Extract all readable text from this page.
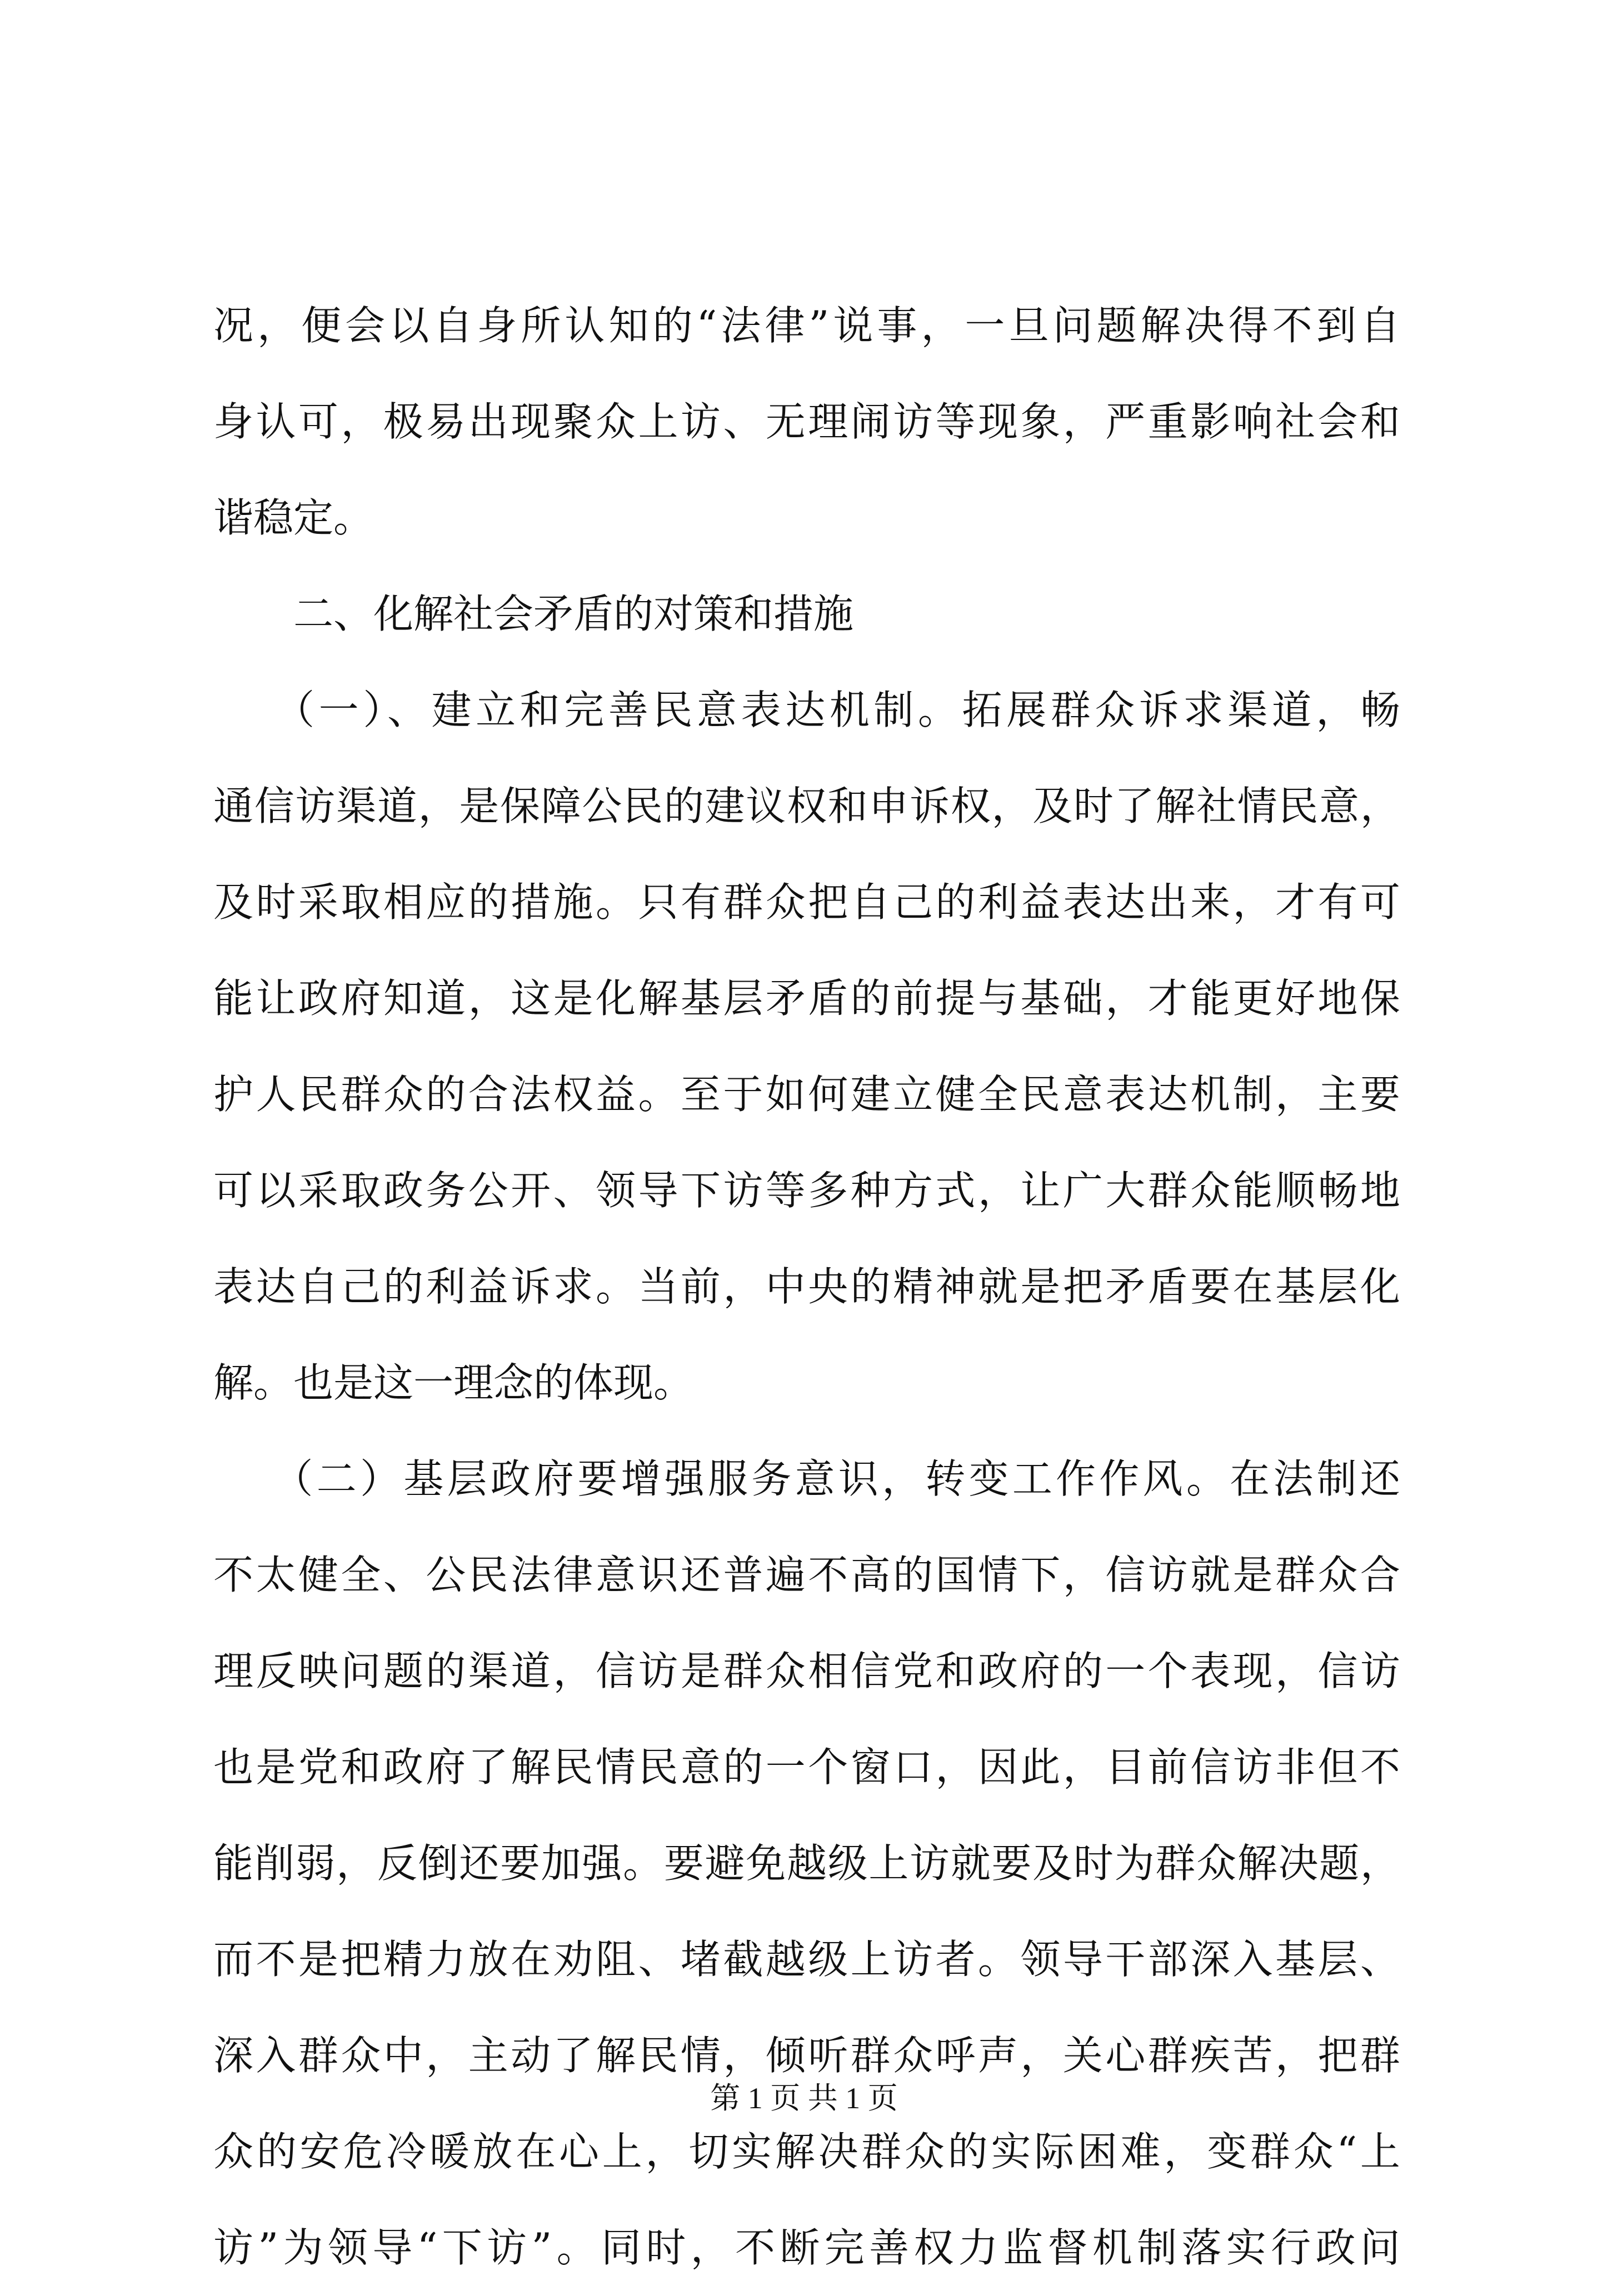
况，便会以自身所认知的“法律”说事，一旦问题解决得不到自
身认可，极易出现聚众上访、无理闹访等现象，严重影响社会和
谐稳定。
　　二、化解社会矛盾的对策和措施
　 （一）、建立和完善民意表达机制。拓展群众诉求渠道，畅
通信访渠道，是保障公民的建议权和申诉权，及时了解社情民意，
及时采取相应的措施。只有群众把自己的利益表达出来，才有可
能让政府知道，这是化解基层矛盾的前提与基础，才能更好地保
护人民群众的合法权益。至于如何建立健全民意表达机制，主要
可以采取政务公开、领导下访等多种方式，让广大群众能顺畅地
表达自己的利益诉求。当前，中央的精神就是把矛盾要在基层化
解。也是这一理念的体现。
　 （二）基层政府要增强服务意识，转变工作作风。在法制还
不太健全、公民法律意识还普遍不高的国情下，信访就是群众合
理反映问题的渠道，信访是群众相信党和政府的一个表现，信访
也是党和政府了解民情民意的一个窗口，因此，目前信访非但不
能削弱，反倒还要加强。要避免越级上访就要及时为群众解决题，
而不是把精力放在劝阻、堵截越级上访者。领导干部深入基层、
深入群众中，主动了解民情，倾听群众呼声，关心群疾苦，把群
众的安危冷暖放在心上，切实解决群众的实际困难，变群众“上
访”为领导“下访”。同时，不断完善权力监督机制落实行政问
第 1 页 共 1 页
